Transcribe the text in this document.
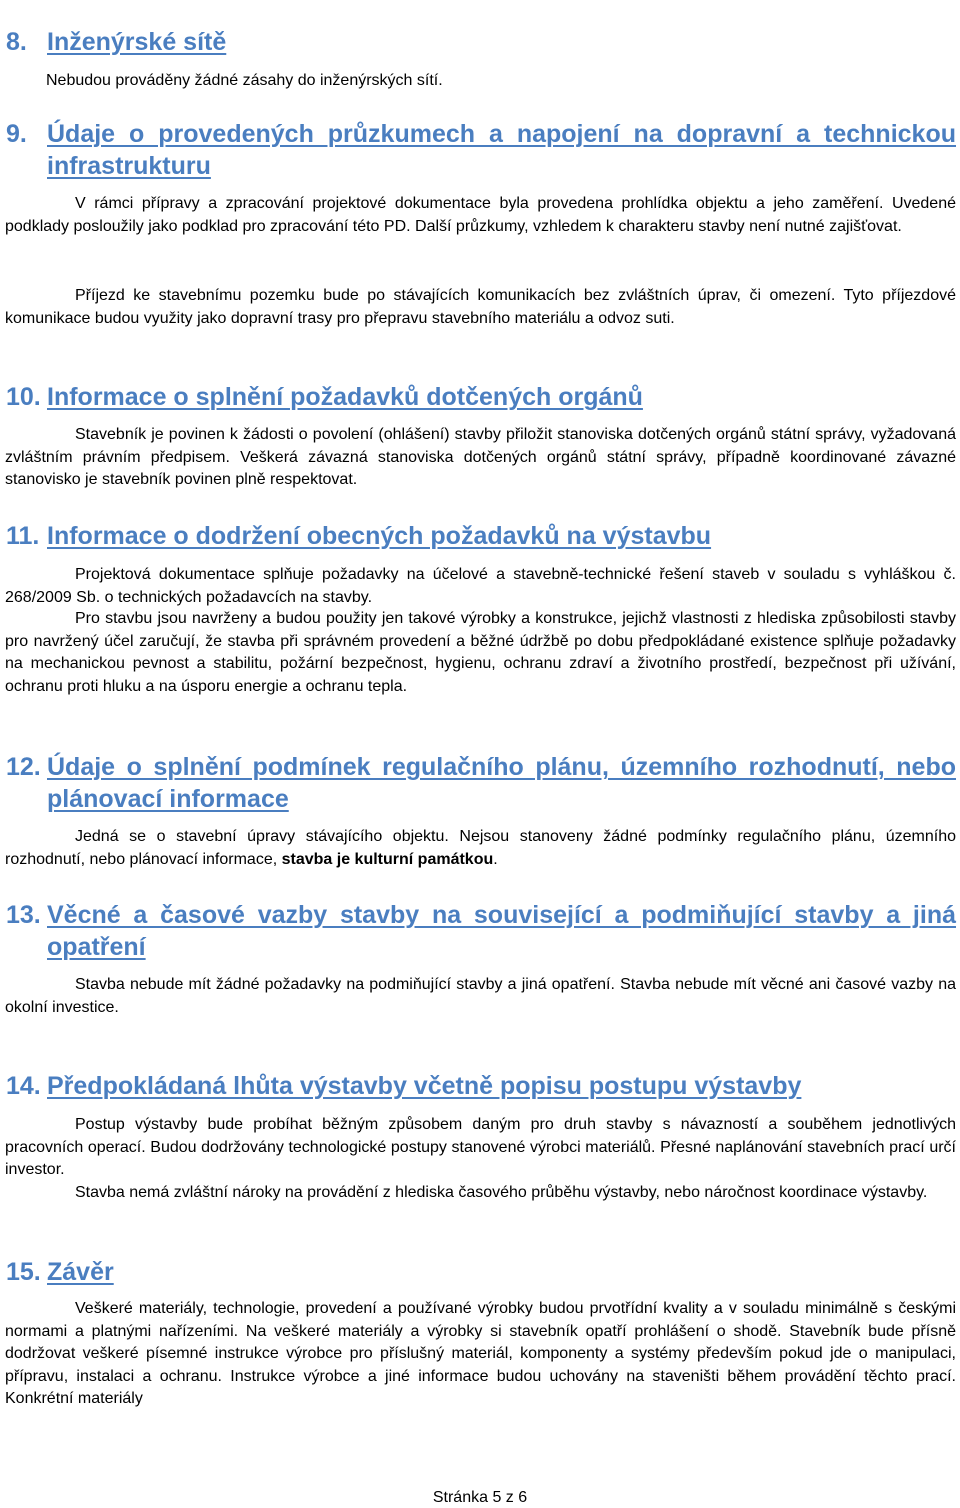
8. Inženýrské sítě

Nebudou prováděny žádné zásahy do inženýrských sítí.

9. Údaje o provedených průzkumech a napojení na dopravní a technickou infrastrukturu

V rámci přípravy a zpracování projektové dokumentace byla provedena prohlídka objektu a jeho zaměření. Uvedené podklady posloužily jako podklad pro zpracování této PD. Další průzkumy, vzhledem k charakteru stavby není nutné zajišťovat.

Příjezd ke stavebnímu pozemku bude po stávajících komunikacích bez zvláštních úprav, či omezení. Tyto příjezdové komunikace budou využity jako dopravní trasy pro přepravu stavebního materiálu a odvoz suti.

10. Informace o splnění požadavků dotčených orgánů

Stavebník je povinen k žádosti o povolení (ohlášení) stavby přiložit stanoviska dotčených orgánů státní správy, vyžadovaná zvláštním právním předpisem. Veškerá závazná stanoviska dotčených orgánů státní správy, případně koordinované závazné stanovisko je stavebník povinen plně respektovat.

11. Informace o dodržení obecných požadavků na výstavbu

Projektová dokumentace splňuje požadavky na účelové a stavebně-technické řešení staveb v souladu s vyhláškou č. 268/2009 Sb. o technických požadavcích na stavby.

Pro stavbu jsou navrženy a budou použity jen takové výrobky a konstrukce, jejichž vlastnosti z hlediska způsobilosti stavby pro navržený účel zaručují, že stavba při správném provedení a běžné údržbě po dobu předpokládané existence splňuje požadavky na mechanickou pevnost a stabilitu, požární bezpečnost, hygienu, ochranu zdraví a životního prostředí, bezpečnost při užívání, ochranu proti hluku a na úsporu energie a ochranu tepla.

12. Údaje o splnění podmínek regulačního plánu, územního rozhodnutí, nebo plánovací informace

Jedná se o stavební úpravy stávajícího objektu. Nejsou stanoveny žádné podmínky regulačního plánu, územního rozhodnutí, nebo plánovací informace, stavba je kulturní památkou.

13. Věcné a časové vazby stavby na související a podmiňující stavby a jiná opatření

Stavba nebude mít žádné požadavky na podmiňující stavby a jiná opatření. Stavba nebude mít věcné ani časové vazby na okolní investice.

14. Předpokládaná lhůta výstavby včetně popisu postupu výstavby

Postup výstavby bude probíhat běžným způsobem daným pro druh stavby s návazností a souběhem jednotlivých pracovních operací. Budou dodržovány technologické postupy stanovené výrobci materiálů. Přesné naplánování stavebních prací určí investor.

Stavba nemá zvláštní nároky na provádění z hlediska časového průběhu výstavby, nebo náročnost koordinace výstavby.

15. Závěr

Veškeré materiály, technologie, provedení a používané výrobky budou prvotřídní kvality a v souladu minimálně s českými normami a platnými nařízeními. Na veškeré materiály a výrobky si stavebník opatří prohlášení o shodě. Stavebník bude přísně dodržovat veškeré písemné instrukce výrobce pro příslušný materiál, komponenty a systémy především pokud jde o manipulaci, přípravu, instalaci a ochranu. Instrukce výrobce a jiné informace budou uchovány na staveništi během provádění těchto prací. Konkrétní materiály

Stránka 5 z 6
